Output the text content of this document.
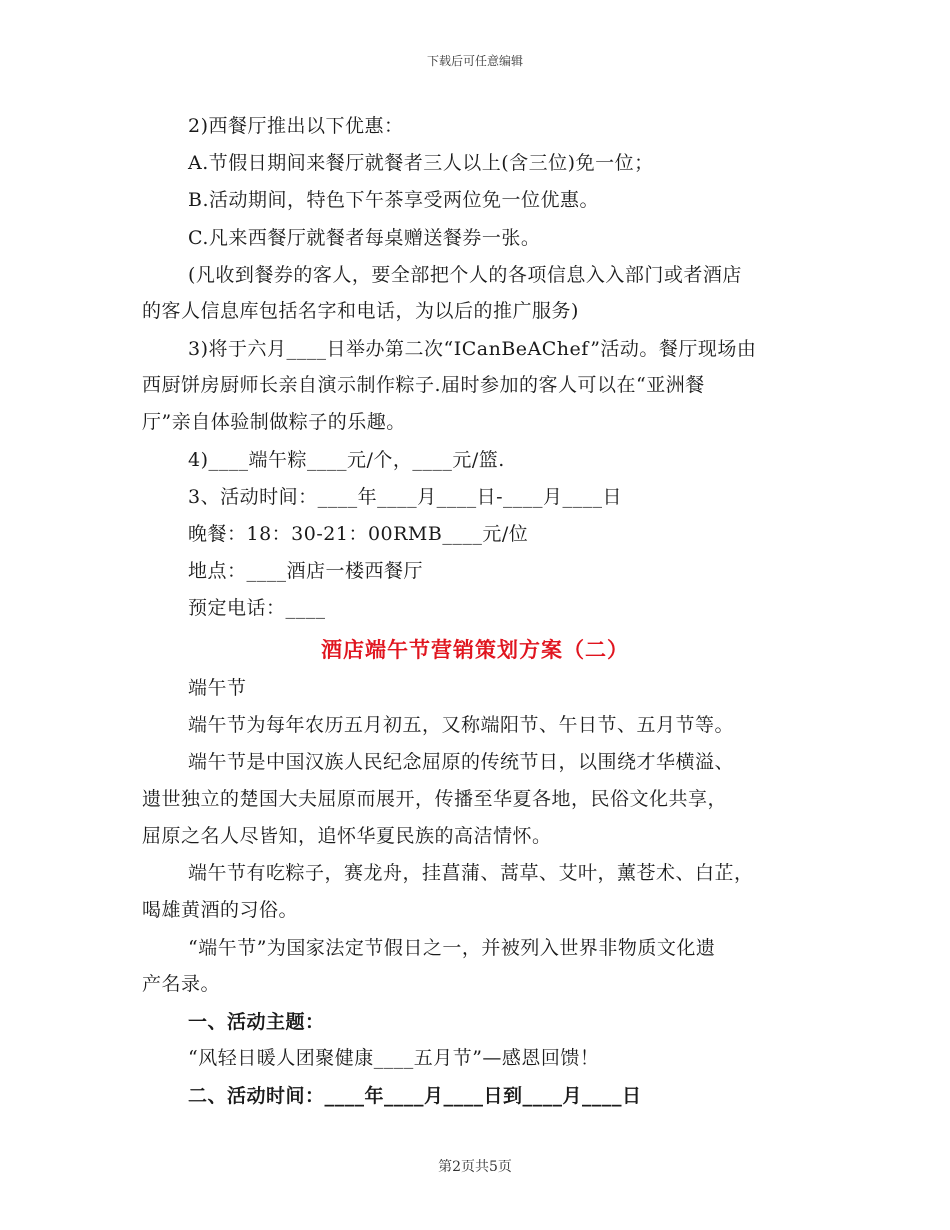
下载后可任意编辑
2)西餐厅推出以下优惠：
A.节假日期间来餐厅就餐者三人以上(含三位)免一位；
B.活动期间，特色下午茶享受两位免一位优惠。
C.凡来西餐厅就餐者每桌赠送餐券一张。
(凡收到餐券的客人，要全部把个人的各项信息入入部门或者酒店
的客人信息库包括名字和电话，为以后的推广服务)
3)将于六月____日举办第二次“ICanBeAChef”活动。餐厅现场由
西厨饼房厨师长亲自演示制作粽子.届时参加的客人可以在“亚洲餐
厅”亲自体验制做粽子的乐趣。
4)____端午粽____元/个，____元/篮.
3、活动时间：____年____月____日-____月____日
晚餐：18：30-21：00RMB____元/位
地点：____酒店一楼西餐厅
预定电话：____
酒店端午节营销策划方案（二）
端午节
端午节为每年农历五月初五，又称端阳节、午日节、五月节等。
端午节是中国汉族人民纪念屈原的传统节日，以围绕才华横溢、
遗世独立的楚国大夫屈原而展开，传播至华夏各地，民俗文化共享，
屈原之名人尽皆知，追怀华夏民族的高洁情怀。
端午节有吃粽子，赛龙舟，挂菖蒲、蒿草、艾叶，薰苍术、白芷，
喝雄黄酒的习俗。
“端午节”为国家法定节假日之一，并被列入世界非物质文化遗
产名录。
一、活动主题：
“风轻日暖人团聚健康____五月节”—感恩回馈！
二、活动时间：____年____月____日到____月____日
第2页共5页
